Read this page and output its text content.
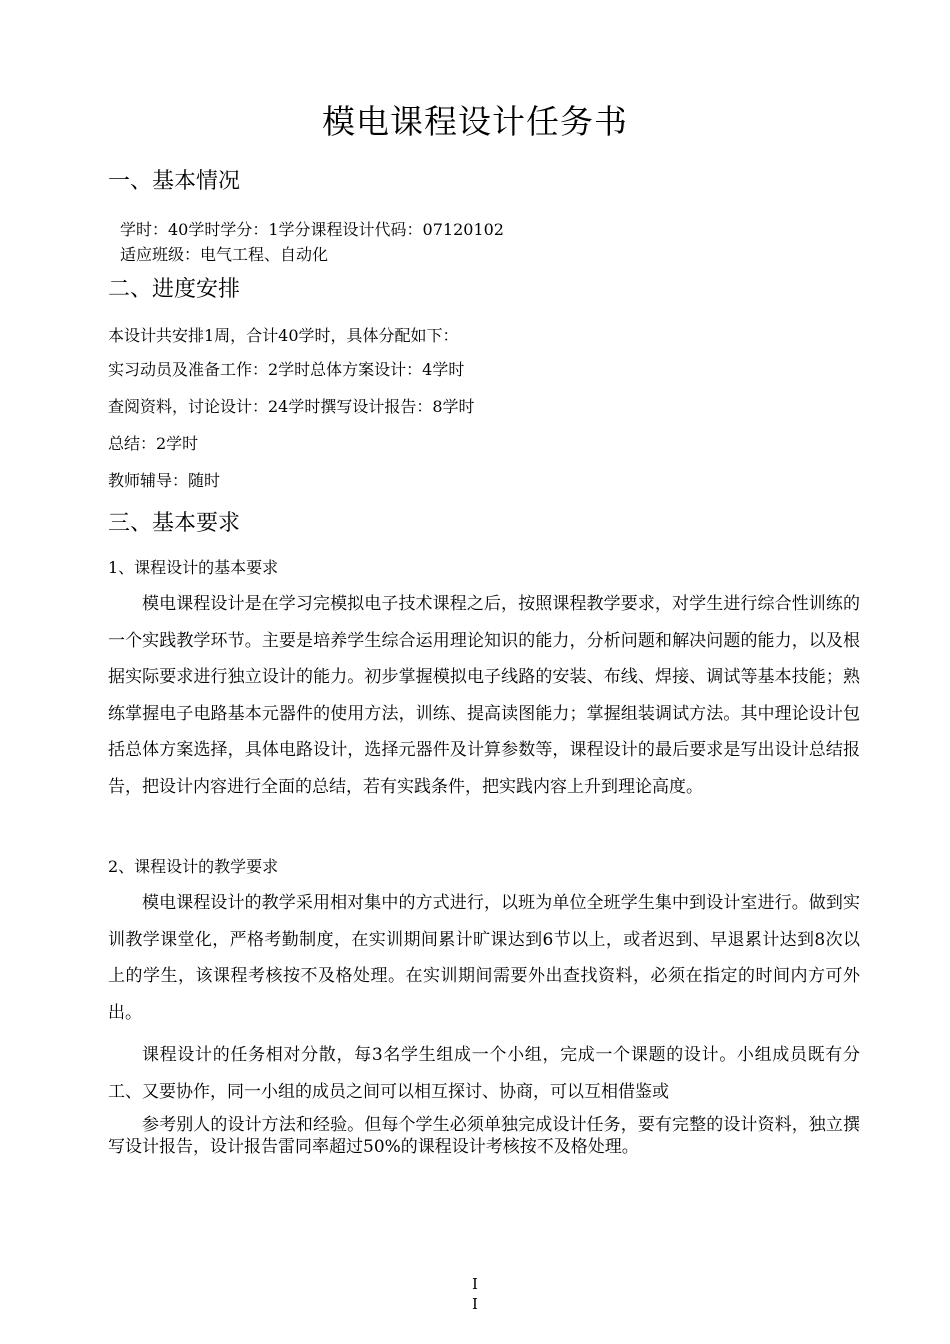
模电课程设计任务书
一、基本情况
学时：40学时学分：1学分课程设计代码：07120102
适应班级：电气工程、自动化
二、进度安排
本设计共安排1周，合计40学时，具体分配如下：
实习动员及准备工作：2学时总体方案设计：4学时
查阅资料，讨论设计：24学时撰写设计报告：8学时
总结：2学时
教师辅导：随时
三、基本要求
1、课程设计的基本要求

模电课程设计是在学习完模拟电子技术课程之后，按照课程教学要求，对学生进行综合性训练的一个实践教学环节。主要是培养学生综合运用理论知识的能力，分析问题和解决问题的能力，以及根据实际要求进行独立设计的能力。初步掌握模拟电子线路的安装、布线、焊接、调试等基本技能；熟练掌握电子电路基本元器件的使用方法，训练、提高读图能力；掌握组装调试方法。其中理论设计包括总体方案选择，具体电路设计，选择元器件及计算参数等，课程设计的最后要求是写出设计总结报告，把设计内容进行全面的总结，若有实践条件，把实践内容上升到理论高度。

2、课程设计的教学要求

模电课程设计的教学采用相对集中的方式进行，以班为单位全班学生集中到设计室进行。做到实训教学课堂化，严格考勤制度，在实训期间累计旷课达到6节以上，或者迟到、早退累计达到8次以上的学生，该课程考核按不及格处理。在实训期间需要外出查找资料，必须在指定的时间内方可外出。

课程设计的任务相对分散，每3名学生组成一个小组，完成一个课题的设计。小组成员既有分工、又要协作，同一小组的成员之间可以相互探讨、协商，可以互相借鉴或

参考别人的设计方法和经验。但每个学生必须单独完成设计任务，要有完整的设计资料，独立撰写设计报告，设计报告雷同率超过50%的课程设计考核按不及格处理。

I
I
